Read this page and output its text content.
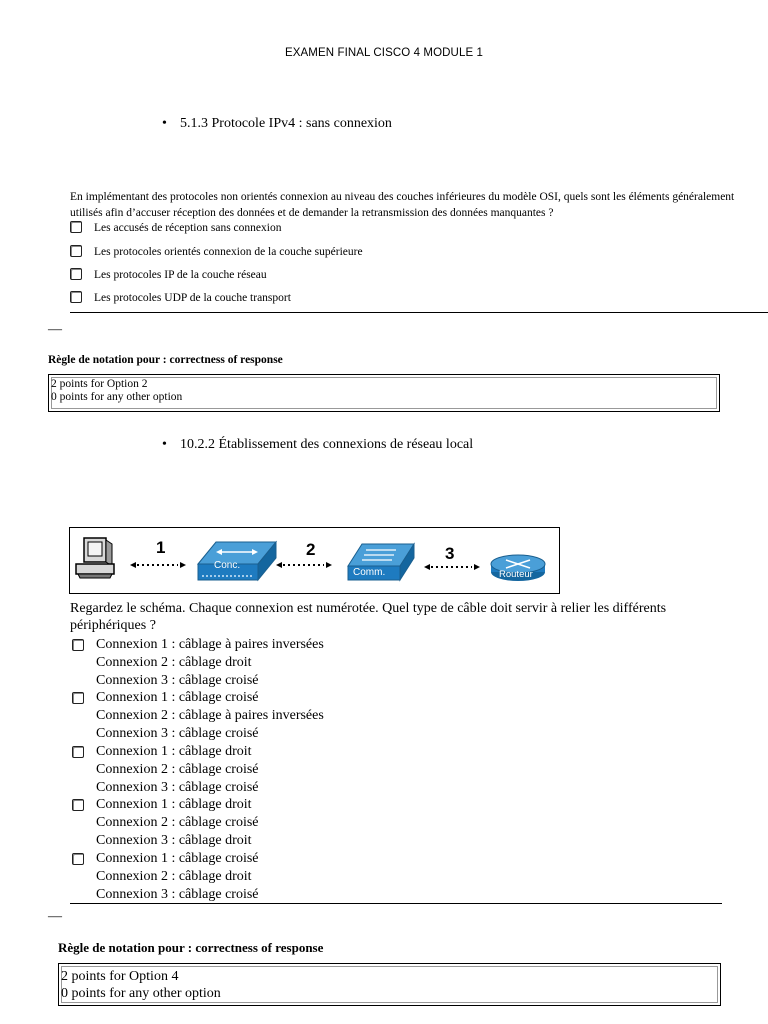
EXAMEN FINAL CISCO 4 MODULE 1
• 5.1.3 Protocole IPv4 : sans connexion
En implémentant des protocoles non orientés connexion au niveau des couches inférieures du modèle OSI, quels sont les éléments généralement utilisés afin d’accuser réception des données et de demander la retransmission des données manquantes ?
Les accusés de réception sans connexion
Les protocoles orientés connexion de la couche supérieure
Les protocoles IP de la couche réseau
Les protocoles UDP de la couche transport
—
Règle de notation pour : correctness of response
2 points for Option 2
0 points for any other option
• 10.2.2 Établissement des connexions de réseau local
1	2	3
Conc.
Comm.	Routeur
Regardez le schéma. Chaque connexion est numérotée. Quel type de câble doit servir à relier les différents périphériques ?
Connexion 1 : câblage à paires inversées
Connexion 2 : câblage droit
Connexion 3 : câblage croisé
Connexion 1 : câblage croisé
Connexion 2 : câblage à paires inversées
Connexion 3 : câblage croisé
Connexion 1 : câblage droit
Connexion 2 : câblage croisé
Connexion 3 : câblage croisé
Connexion 1 : câblage droit
Connexion 2 : câblage croisé
Connexion 3 : câblage droit
Connexion 1 : câblage croisé
Connexion 2 : câblage droit
Connexion 3 : câblage croisé
—
Règle de notation pour : correctness of response
2 points for Option 4
0 points for any other option
